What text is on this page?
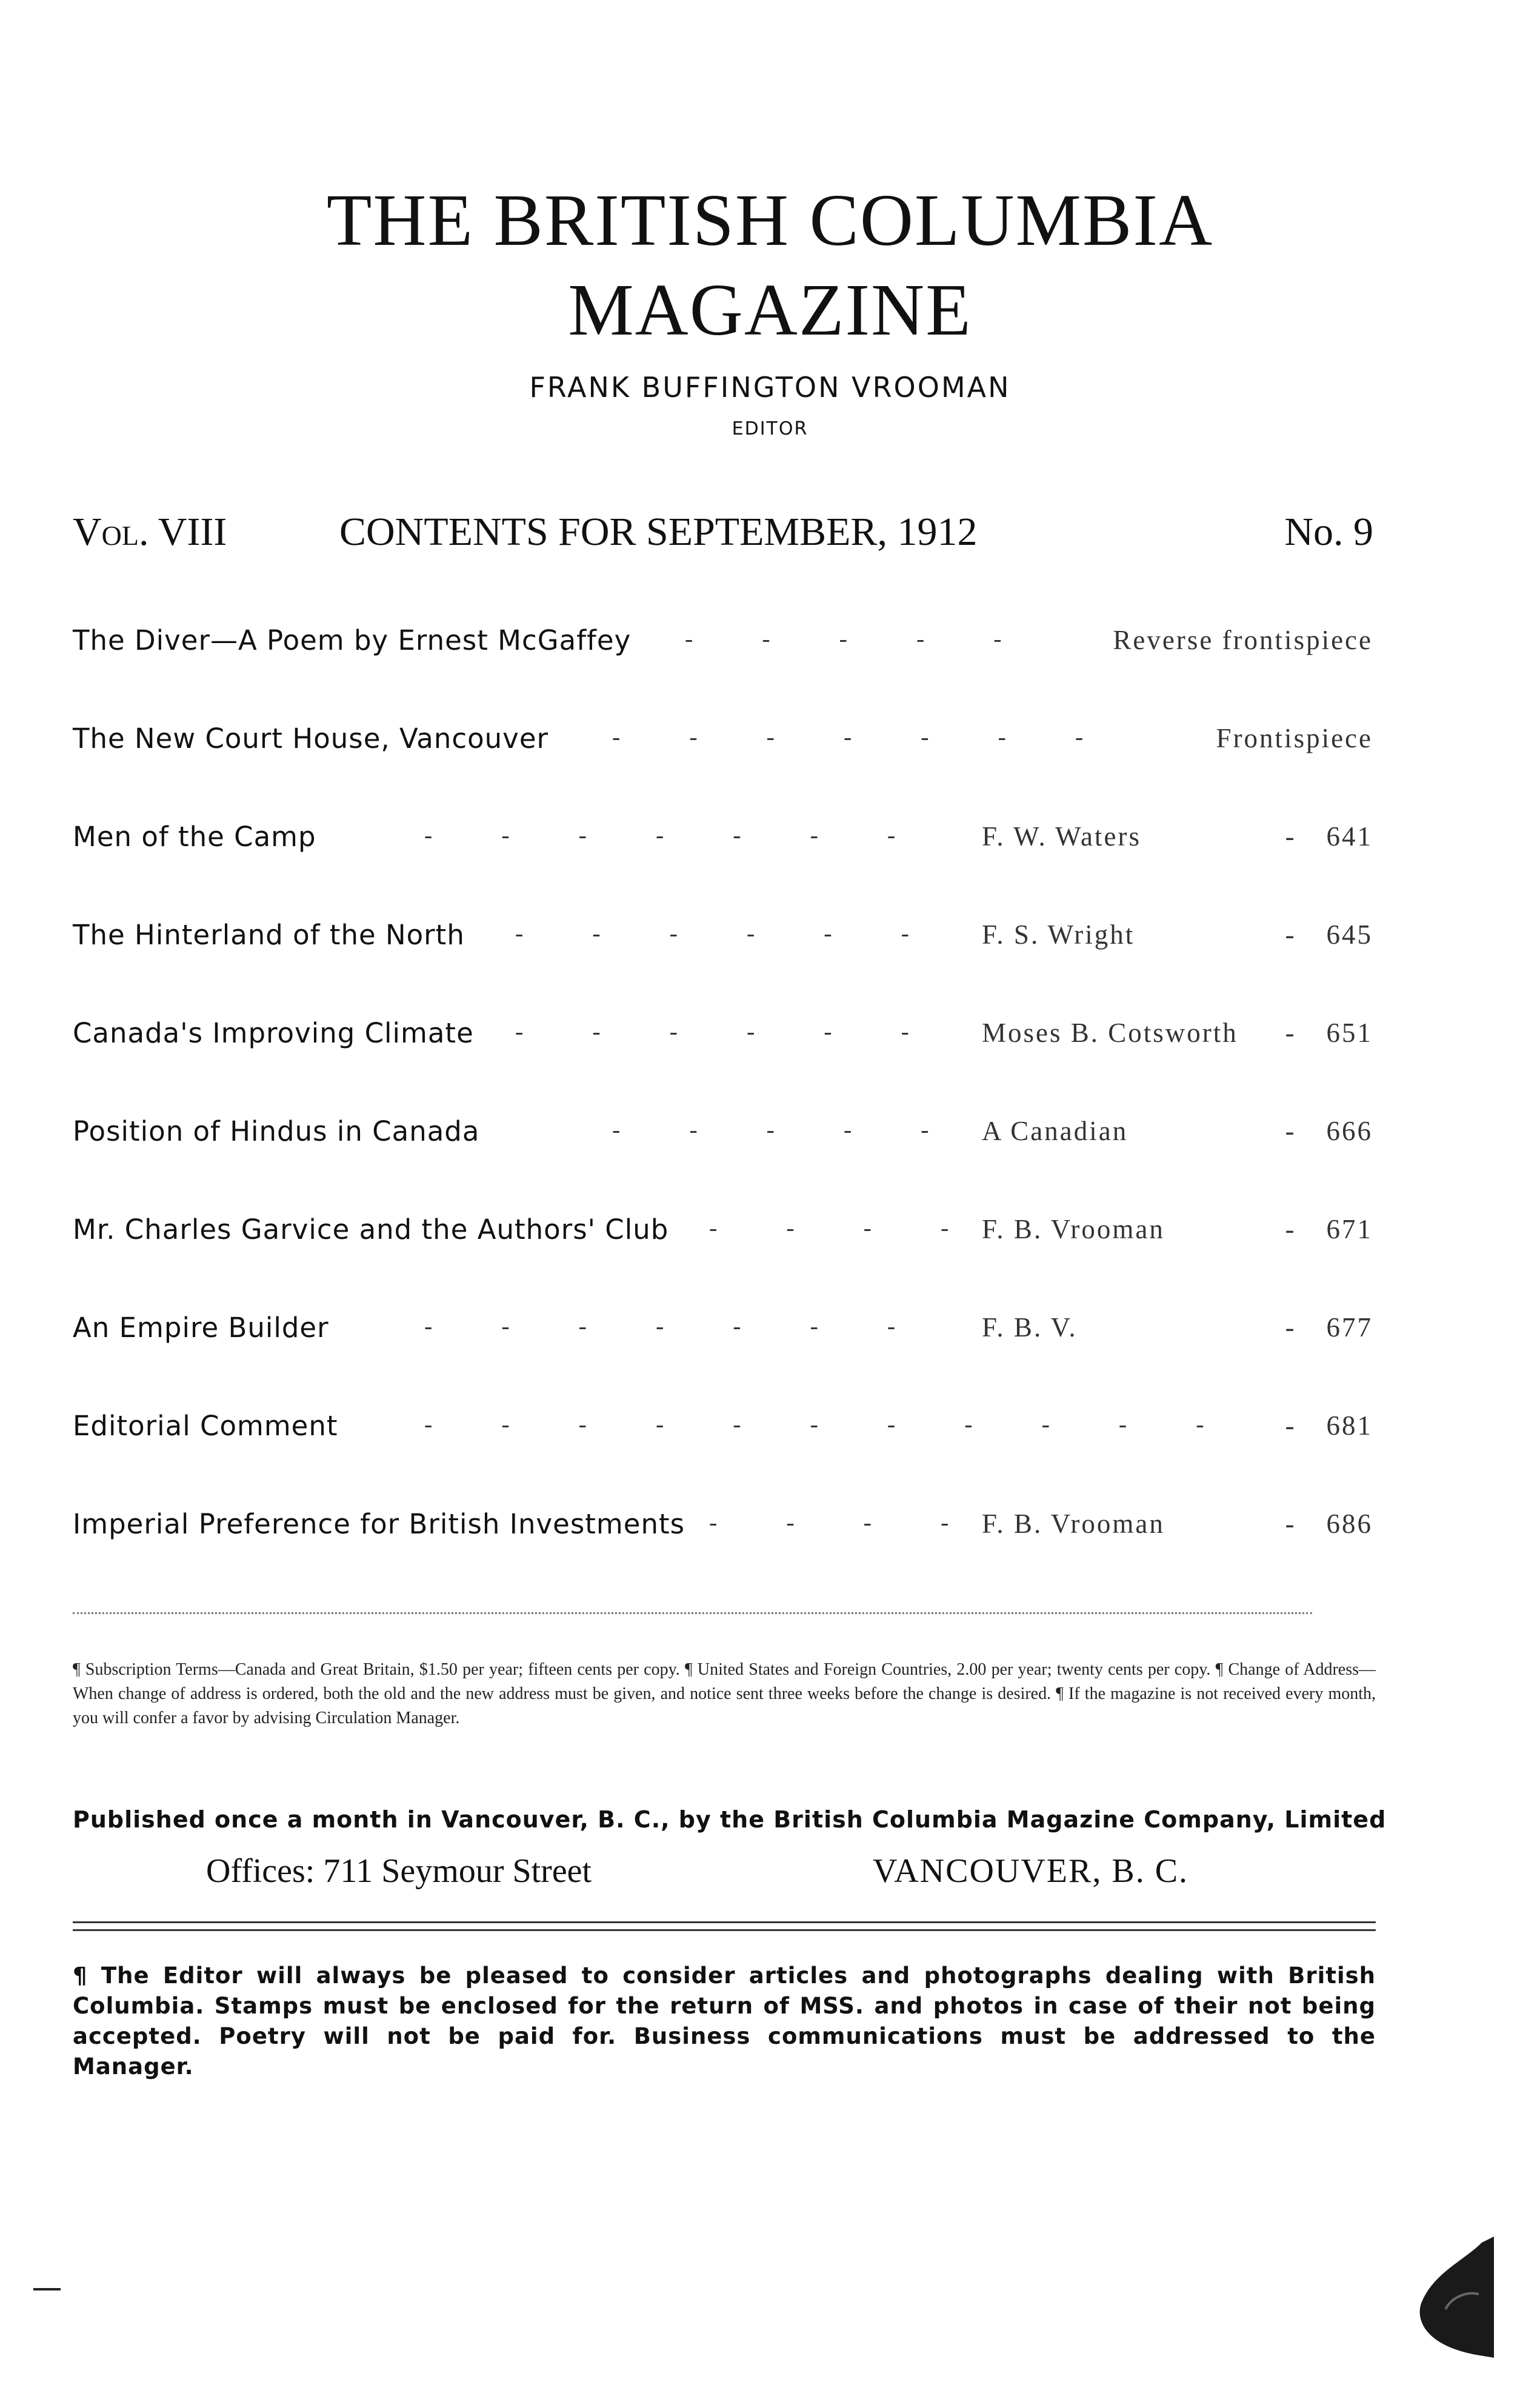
THE BRITISH COLUMBIA
MAGAZINE
FRANK BUFFINGTON VROOMAN
EDITOR
Vol. VIII	CONTENTS FOR SEPTEMBER, 1912	No. 9
The Diver—A Poem by Ernest McGaffey - - - - -	Reverse frontispiece
The New Court House, Vancouver	- - - - - - -	Frontispiece
Men of the Camp	- - - - - - - F. W. Waters	- 641
The Hinterland of the North - - - - - - F. S. Wright	- 645
Canada's Improving Climate - - - - - - Moses B. Cotsworth - 651
Position of Hindus in Canada	- - - - - A Canadian	- 666
Mr. Charles Garvice and the Authors' Club - - - - F. B. Vrooman	- 671
An Empire Builder	- - - - - - - F. B. V.	- 677
Editorial Comment	- - - - - - - - - - - - 681
Imperial Preference for British Investments - - - - F. B. Vrooman	- 686
¶ Subscription Terms—Canada and Great Britain, $1.50 per year; fifteen cents per copy. ¶ United States and Foreign Countries, 2.00 per year; twenty cents per copy. ¶ Change of Address—When change of address is ordered, both the old and the new address must be given, and notice sent three weeks before the change is desired. ¶ If the magazine is not received every month, you will confer a favor by advising Circulation Manager.
Published once a month in Vancouver, B. C., by the British Columbia Magazine Company, Limited
Offices: 711 Seymour Street	VANCOUVER, B. C.
¶ The Editor will always be pleased to consider articles and photographs dealing with British Columbia. Stamps must be enclosed for the return of MSS. and photos in case of their not being accepted. Poetry will not be paid for. Business communications must be addressed to the Manager.
